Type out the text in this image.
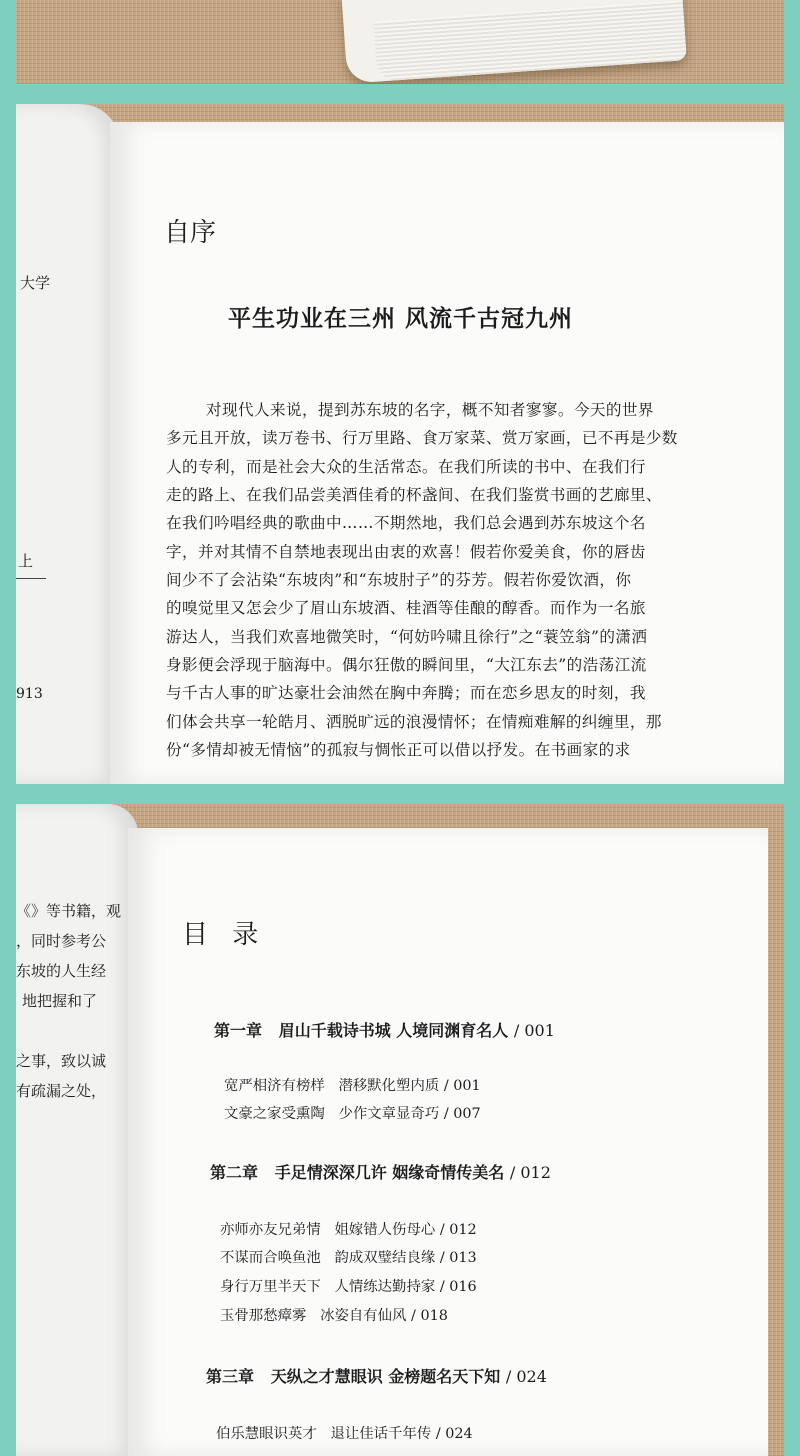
大学
上
913
自序
平生功业在三州 风流千古冠九州
对现代人来说，提到苏东坡的名字，概不知者寥寥。今天的世界
多元且开放，读万卷书、行万里路、食万家菜、赏万家画，已不再是少数
人的专利，而是社会大众的生活常态。在我们所读的书中、在我们行
走的路上、在我们品尝美酒佳肴的杯盏间、在我们鉴赏书画的艺廊里、
在我们吟唱经典的歌曲中……不期然地，我们总会遇到苏东坡这个名
字，并对其情不自禁地表现出由衷的欢喜！假若你爱美食，你的唇齿
间少不了会沾染“东坡肉”和“东坡肘子”的芬芳。假若你爱饮酒，你
的嗅觉里又怎会少了眉山东坡酒、桂酒等佳酿的醇香。而作为一名旅
游达人，当我们欢喜地微笑时，“何妨吟啸且徐行”之“蓑笠翁”的潇洒
身影便会浮现于脑海中。偶尔狂傲的瞬间里，“大江东去”的浩荡江流
与千古人事的旷达豪壮会油然在胸中奔腾；而在恋乡思友的时刻，我
们体会共享一轮皓月、洒脱旷远的浪漫情怀；在情痴难解的纠缠里，那
份“多情却被无情恼”的孤寂与惆怅正可以借以抒发。在书画家的求
《》等书籍，观
，同时参考公
东坡的人生经
地把握和了
之事，致以诚
有疏漏之处，
目 录
第一章 眉山千载诗书城 人境同渊育名人 / 001
宽严相济有榜样 潜移默化塑内质 / 001
文豪之家受熏陶 少作文章显奇巧 / 007
第二章 手足情深深几许 姻缘奇情传美名 / 012
亦师亦友兄弟情 姐嫁错人伤母心 / 012
不谋而合唤鱼池 韵成双璧结良缘 / 013
身行万里半天下 人情练达勤持家 / 016
玉骨那愁瘴雾 冰姿自有仙风 / 018
第三章 天纵之才慧眼识 金榜题名天下知 / 024
伯乐慧眼识英才 退让佳话千年传 / 024
